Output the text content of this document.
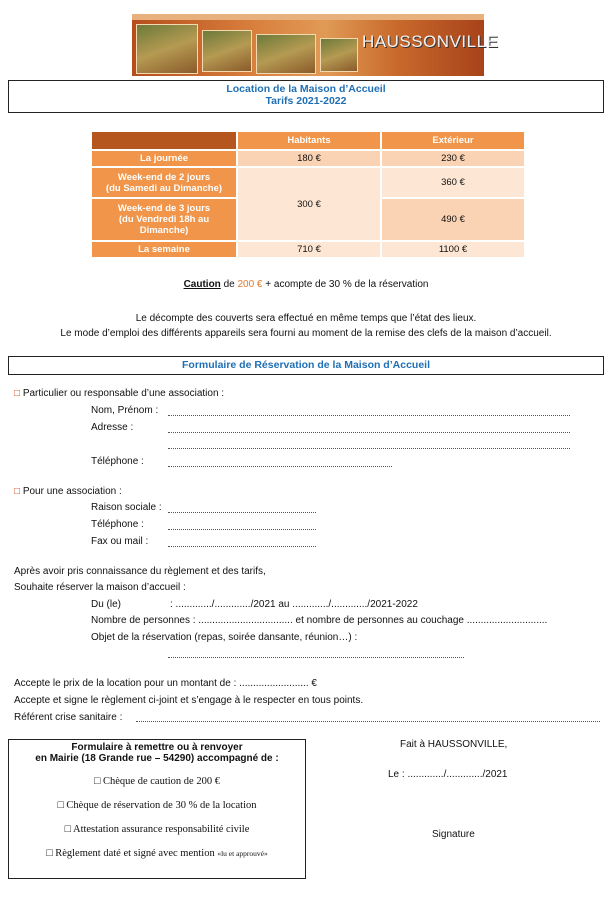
HAUSSONVILLE
Location de la Maison d’Accueil
Tarifs 2021-2022
	Habitants	Extérieur
La journée	180 €	230 €

Week-end de 2 jours
(du Samedi au Dimanche)	300 €	360 €

Week-end de 3 jours
(du Vendredi 18h au
Dimanche)		490 €
La semaine	710 €	1100 €
Caution de 200 € + acompte de 30 % de la réservation
Le décompte des couverts sera effectué en même temps que l’état des lieux.
Le mode d’emploi des différents appareils sera fourni au moment de la remise des clefs de la maison d’accueil.
Formulaire de Réservation de la Maison d’Accueil
□ Particulier ou responsable d’une association :
Nom, Prénom :
Adresse :
Téléphone :
□ Pour une association :
Raison sociale :
Téléphone :
Fax ou mail :
Après avoir pris connaissance du règlement et des tarifs,
Souhaite réserver la maison d’accueil :
Du (le)	: ............./............./2021 au ............./............./2021-2022
Nombre de personnes : .................................. et nombre de personnes au couchage .............................
Objet de la réservation (repas, soirée dansante, réunion…) :
Accepte le prix de la location pour un montant de : ......................... €
Accepte et signe le règlement ci-joint et s’engage à le respecter en tous points.
Référent crise sanitaire :
Formulaire à remettre ou à renvoyer
en Mairie (18 Grande rue – 54290) accompagné de :
□ Chèque de caution de 200 €
□ Chèque de réservation de 30 % de la location
□ Attestation assurance responsabilité civile
□ Règlement daté et signé avec mention «lu et approuvé»
Fait à HAUSSONVILLE,
Le : ............./............./2021
Signature
